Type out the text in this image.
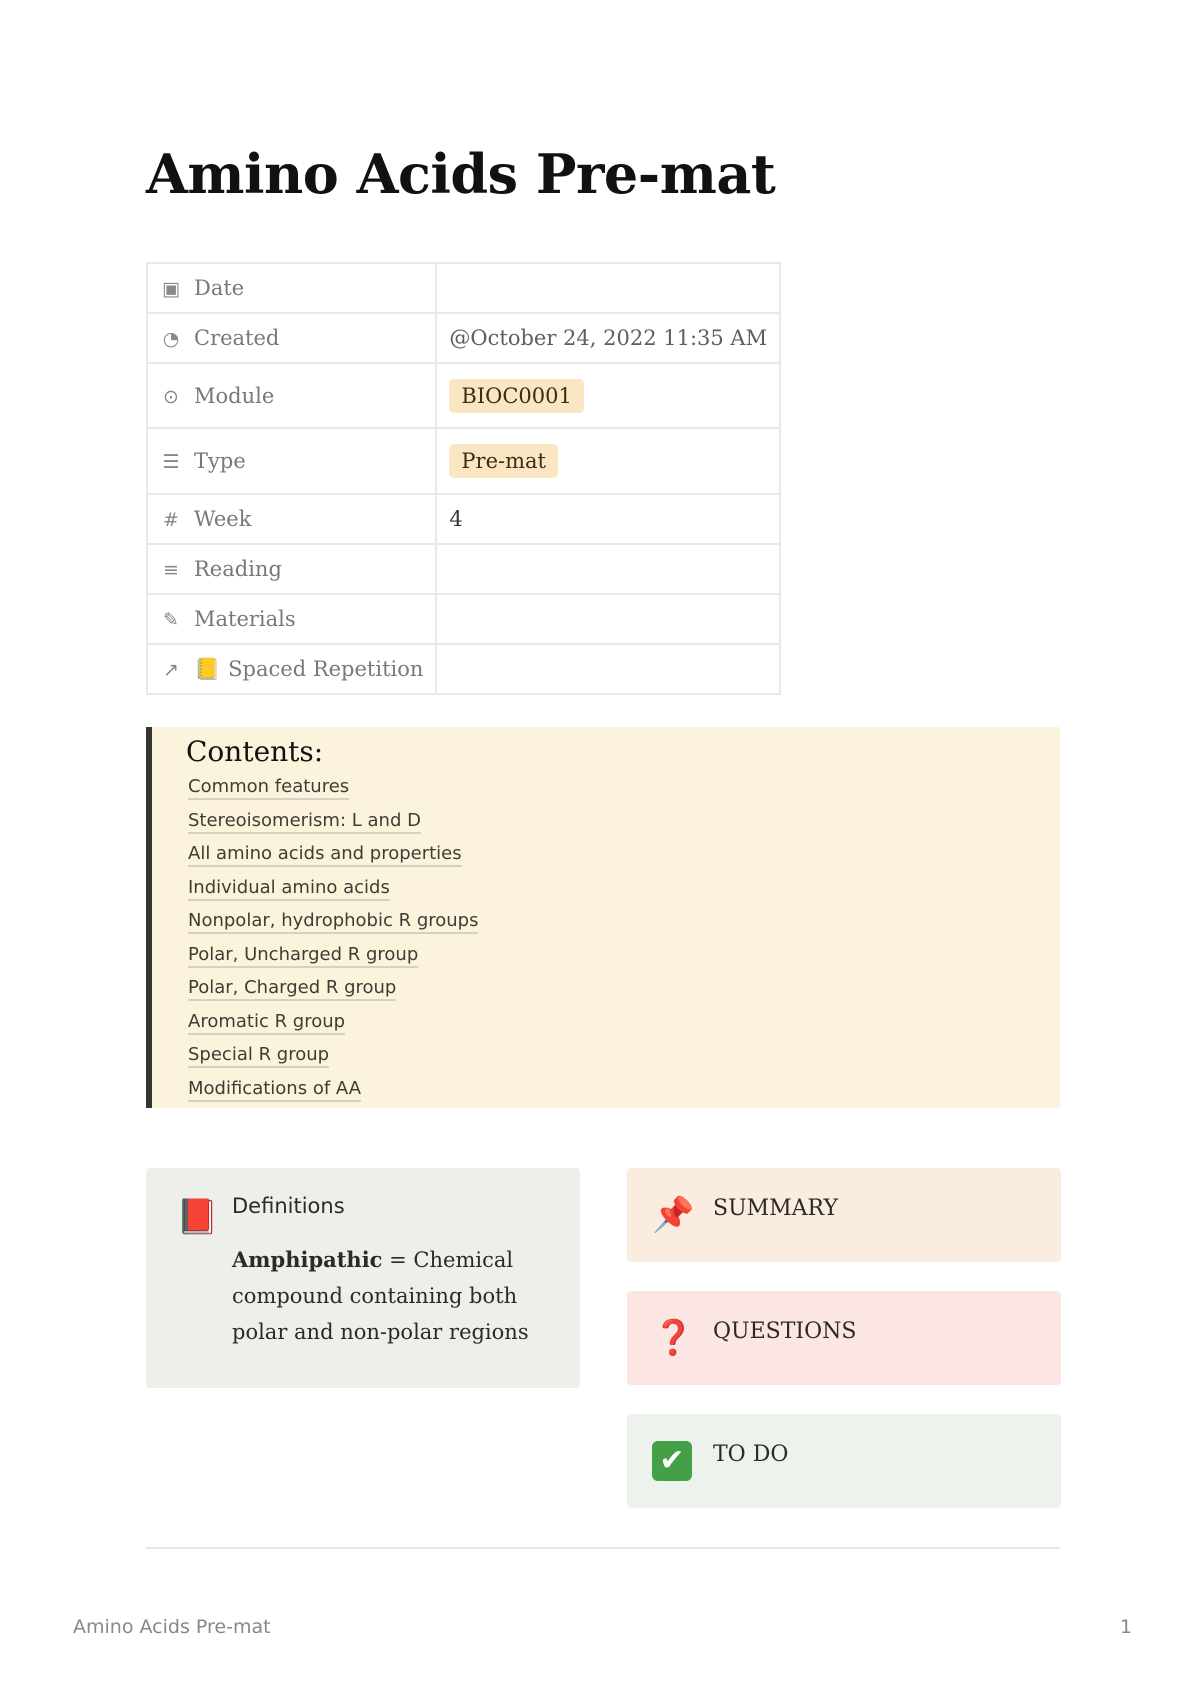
Amino Acids Pre-mat
▣ Date	
◔ Created	@October 24, 2022 11:35 AM
⊙ Module	BIOC0001
☰ Type	Pre-mat
# Week	4
≡ Reading	
✎ Materials	
↗ 📒 Spaced Repetition	
Contents:
Common features
Stereoisomerism: L and D
All amino acids and properties
Individual amino acids
Nonpolar, hydrophobic R groups
Polar, Uncharged R group
Polar, Charged R group
Aromatic R group
Special R group
Modifications of AA
📕 Definitions
Amphipathic = Chemical compound containing both polar and non-polar regions
📌 SUMMARY
❓ QUESTIONS
✔	TO DO
Amino Acids Pre-mat	1
